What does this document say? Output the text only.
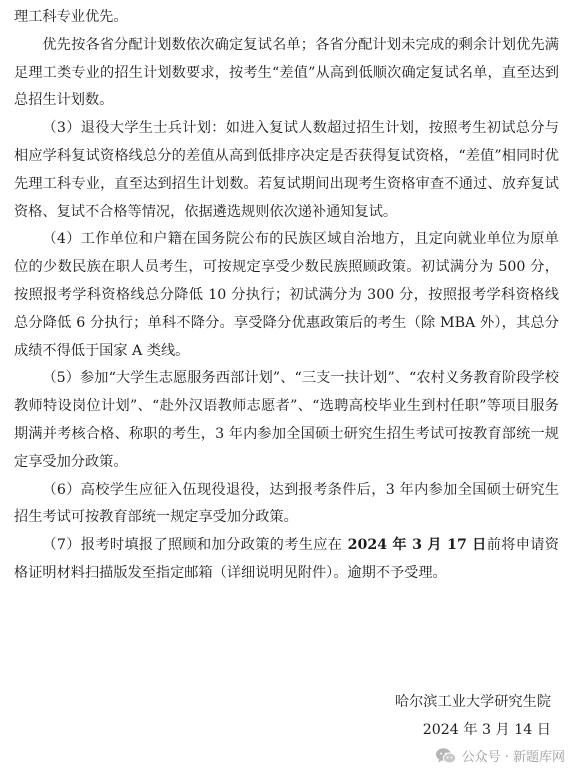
理工科专业优先。

优先按各省分配计划数依次确定复试名单；各省分配计划未完成的剩余计划优先满足理工类专业的招生计划数要求，按考生“差值”从高到低顺次确定复试名单，直至达到总招生计划数。

（3）退役大学生士兵计划：如进入复试人数超过招生计划，按照考生初试总分与相应学科复试资格线总分的差值从高到低排序决定是否获得复试资格，“差值”相同时优先理工科专业，直至达到招生计划数。若复试期间出现考生资格审查不通过、放弃复试资格、复试不合格等情况，依据遴选规则依次递补通知复试。

（4）工作单位和户籍在国务院公布的民族区域自治地方，且定向就业单位为原单位的少数民族在职人员考生，可按规定享受少数民族照顾政策。初试满分为 500 分，按照报考学科资格线总分降低 10 分执行；初试满分为 300 分，按照报考学科资格线总分降低 6 分执行；单科不降分。享受降分优惠政策后的考生（除 MBA 外），其总分成绩不得低于国家 A 类线。

（5）参加“大学生志愿服务西部计划”、“三支一扶计划”、“农村义务教育阶段学校教师特设岗位计划”、“赴外汉语教师志愿者”、“选聘高校毕业生到村任职”等项目服务期满并考核合格、称职的考生，3 年内参加全国硕士研究生招生考试可按教育部统一规定享受加分政策。

（6）高校学生应征入伍现役退役，达到报考条件后，3 年内参加全国硕士研究生招生考试可按教育部统一规定享受加分政策。

（7）报考时填报了照顾和加分政策的考生应在 2024 年 3 月 17 日前将申请资格证明材料扫描版发至指定邮箱（详细说明见附件）。逾期不予受理。

哈尔滨工业大学研究生院
2024 年 3 月 14 日
公众号 · 新题库网
